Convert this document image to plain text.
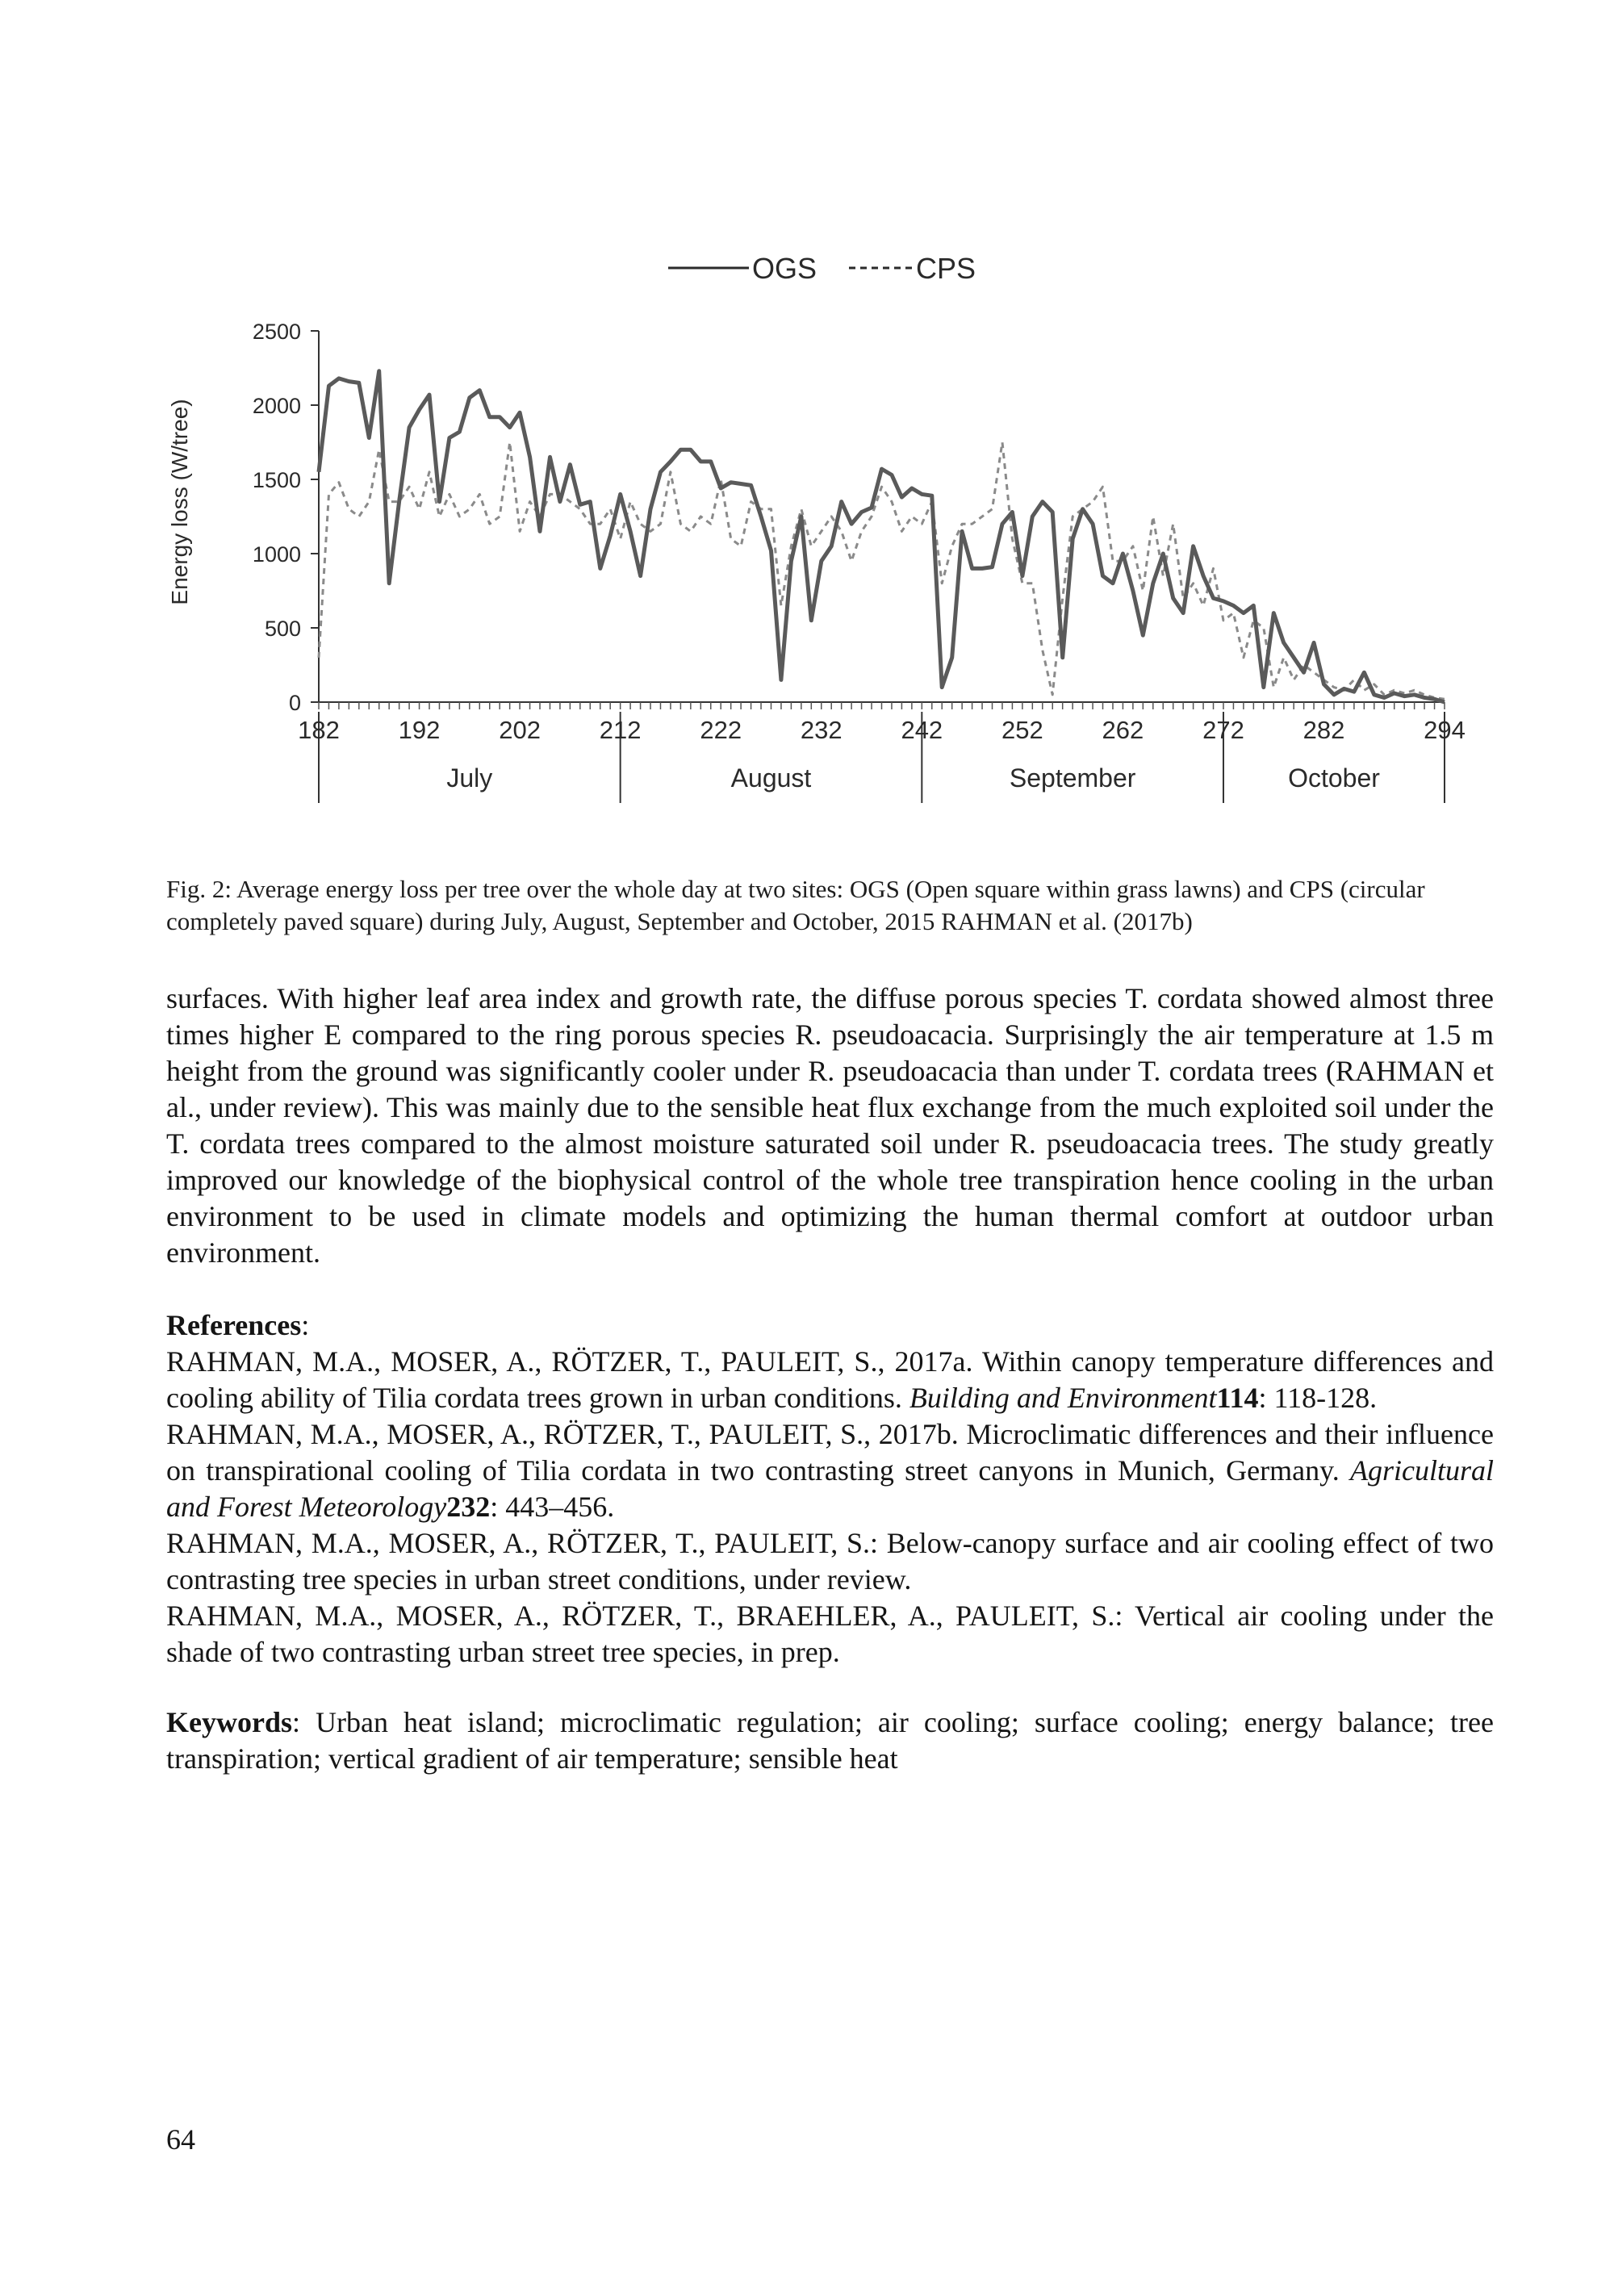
OGS	CPS
Energy loss (W/tree)
0
500
1000
1500
2000
2500
182 192 202 212 222 232 242 252 262 272 282	294
July	August	September	October
Fig. 2: Average energy loss per tree over the whole day at two sites: OGS (Open square within grass lawns) and CPS (circular completely paved square) during July, August, September and October, 2015 RAHMAN et al. (2017b)

surfaces. With higher leaf area index and growth rate, the diffuse porous species T. cordata showed almost three times higher E compared to the ring porous species R. pseudoacacia. Surprisingly the air temperature at 1.5 m height from the ground was significantly cooler under R. pseudoacacia than under T. cordata trees (RAHMAN et al., under review). This was mainly due to the sensible heat flux exchange from the much exploited soil under the T. cordata trees compared to the almost moisture saturated soil under R. pseudoacacia trees. The study greatly improved our knowledge of the biophysical control of the whole tree transpiration hence cooling in the urban environment to be used in climate models and optimizing the human thermal comfort at outdoor urban environment.

References:

RAHMAN, M.A., MOSER, A., RÖTZER, T., PAULEIT, S., 2017a. Within canopy temperature differences and cooling ability of Tilia cordata trees grown in urban conditions. Building and Environment114: 118-128.

RAHMAN, M.A., MOSER, A., RÖTZER, T., PAULEIT, S., 2017b. Microclimatic differences and their influence on transpirational cooling of Tilia cordata in two contrasting street canyons in Munich, Germany. Agricultural and Forest Meteorology232: 443–456.

RAHMAN, M.A., MOSER, A., RÖTZER, T., PAULEIT, S.: Below-canopy surface and air cooling effect of two contrasting tree species in urban street conditions, under review.

RAHMAN, M.A., MOSER, A., RÖTZER, T., BRAEHLER, A., PAULEIT, S.: Vertical air cooling under the shade of two contrasting urban street tree species, in prep.

Keywords: Urban heat island; microclimatic regulation; air cooling; surface cooling; energy balance; tree transpiration; vertical gradient of air temperature; sensible heat

64
